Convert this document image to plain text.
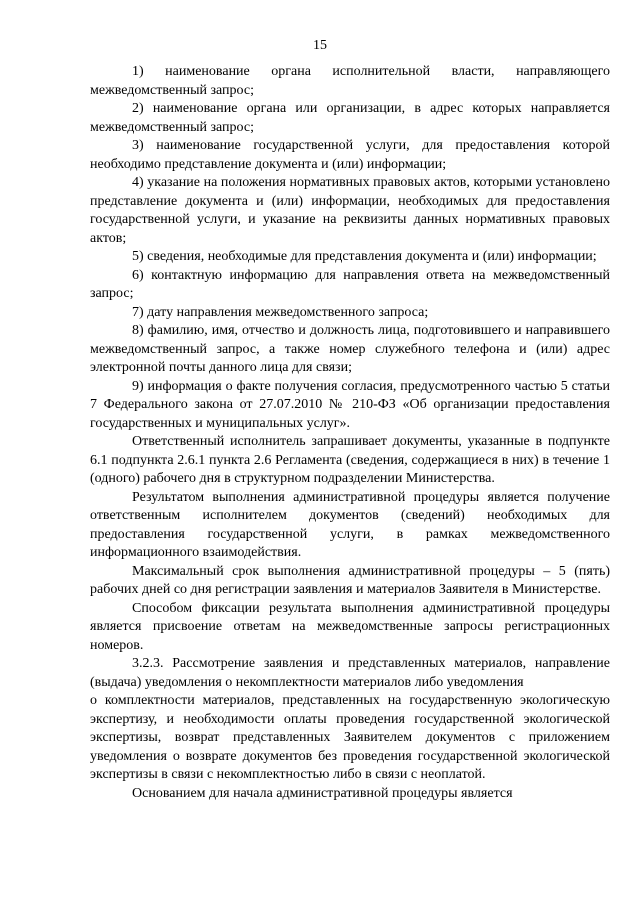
15

1) наименование органа исполнительной власти, направляющего межведомственный запрос;

2) наименование органа или организации, в адрес которых направляется межведомственный запрос;

3) наименование государственной услуги, для предоставления которой необходимо представление документа и (или) информации;

4) указание на положения нормативных правовых актов, которыми установлено представление документа и (или) информации, необходимых для предоставления государственной услуги, и указание на реквизиты данных нормативных правовых актов;

5) сведения, необходимые для представления документа и (или) информации;

6) контактную информацию для направления ответа на межведомственный запрос;

7) дату направления межведомственного запроса;

8) фамилию, имя, отчество и должность лица, подготовившего и направившего межведомственный запрос, а также номер служебного телефона и (или) адрес электронной почты данного лица для связи;

9) информация о факте получения согласия, предусмотренного частью 5 статьи 7 Федерального закона от 27.07.2010 № 210-ФЗ «Об организации предоставления государственных и муниципальных услуг».

Ответственный исполнитель запрашивает документы, указанные в подпункте 6.1 подпункта 2.6.1 пункта 2.6 Регламента (сведения, содержащиеся в них) в течение 1 (одного) рабочего дня в структурном подразделении Министерства.

Результатом выполнения административной процедуры является получение ответственным исполнителем документов (сведений) необходимых для предоставления государственной услуги, в рамках межведомственного информационного взаимодействия.

Максимальный срок выполнения административной процедуры – 5 (пять) рабочих дней со дня регистрации заявления и материалов Заявителя в Министерстве.

Способом фиксации результата выполнения административной процедуры является присвоение ответам на межведомственные запросы регистрационных номеров.

3.2.3. Рассмотрение заявления и представленных материалов, направление (выдача) уведомления о некомплектности материалов либо уведомления

о комплектности материалов, представленных на государственную экологическую экспертизу, и необходимости оплаты проведения государственной экологической экспертизы, возврат представленных Заявителем документов с приложением уведомления о возврате документов без проведения государственной экологической экспертизы в связи с некомплектностью либо в связи с неоплатой.

Основанием для начала административной процедуры является
